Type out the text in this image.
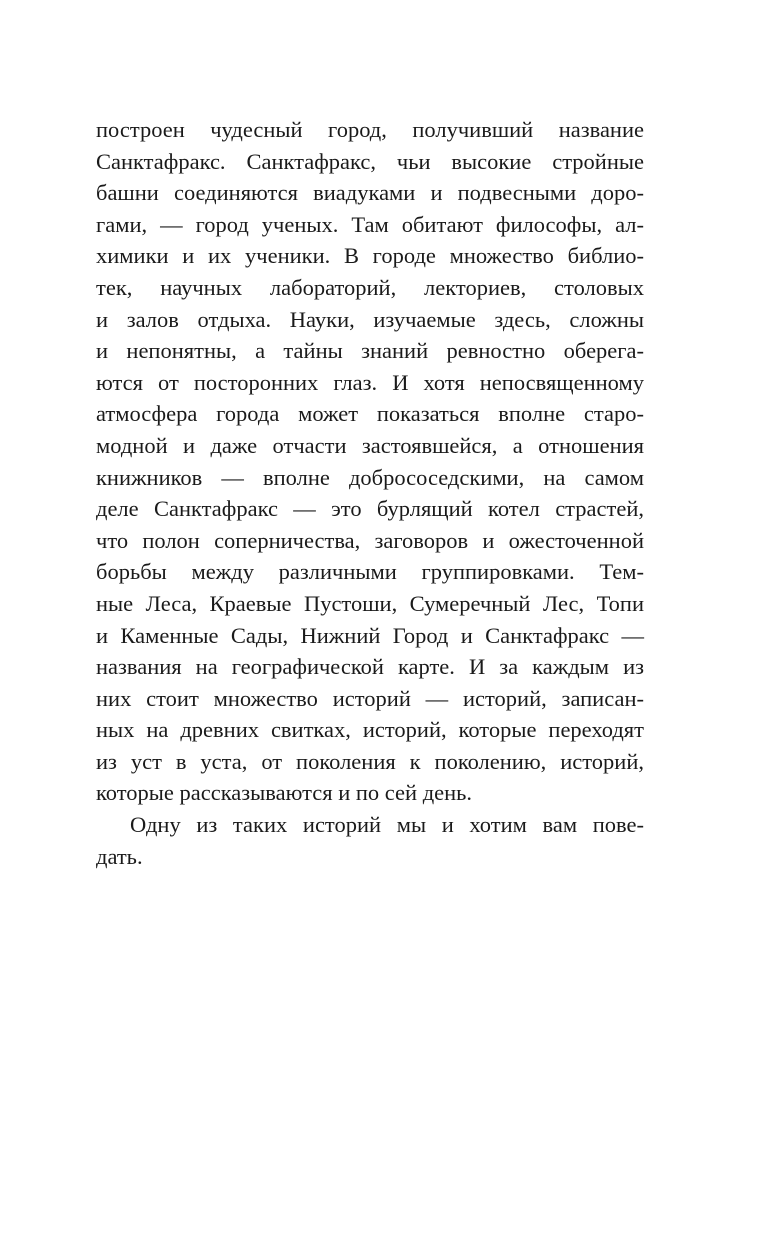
построен чудесный город, получивший название
Санктафракс. Санктафракс, чьи высокие стройные
башни соединяются виадуками и подвесными доро-
гами, — город ученых. Там обитают философы, ал-
химики и их ученики. В городе множество библио-
тек, научных лабораторий, лекториев, столовых
и залов отдыха. Науки, изучаемые здесь, сложны
и непонятны, а тайны знаний ревностно оберега-
ются от посторонних глаз. И хотя непосвященному
атмосфера города может показаться вполне старо-
модной и даже отчасти застоявшейся, а отношения
книжников — вполне добрососедскими, на самом
деле Санктафракс — это бурлящий котел страстей,
что полон соперничества, заговоров и ожесточенной
борьбы между различными группировками. Тем-
ные Леса, Краевые Пустоши, Сумеречный Лес, Топи
и Каменные Сады, Нижний Город и Санктафракс —
названия на географической карте. И за каждым из
них стоит множество историй — историй, записан-
ных на древних свитках, историй, которые переходят
из уст в уста, от поколения к поколению, историй,
которые рассказываются и по сей день.
Одну из таких историй мы и хотим вам пове-
дать.
